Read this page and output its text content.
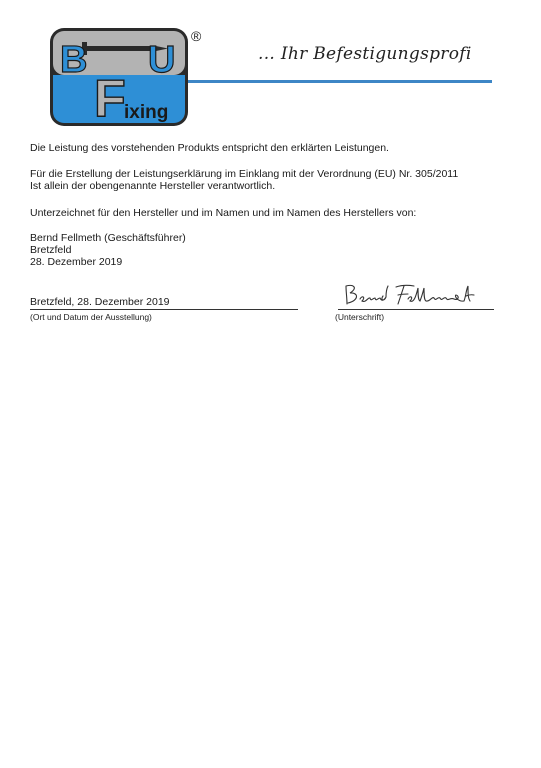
B U
F
ixing
®
... Ihr Befestigungsprofi
Die Leistung des vorstehenden Produkts entspricht den erklärten Leistungen.
Für die Erstellung der Leistungserklärung im Einklang mit der Verordnung (EU) Nr. 305/2011
Ist allein der obengenannte Hersteller verantwortlich.
Unterzeichnet für den Hersteller und im Namen und im Namen des Herstellers von:
Bernd Fellmeth (Geschäftsführer)
Bretzfeld
28. Dezember 2019
Bretzfeld, 28. Dezember 2019
(Ort und Datum der Ausstellung)	(Unterschrift)
